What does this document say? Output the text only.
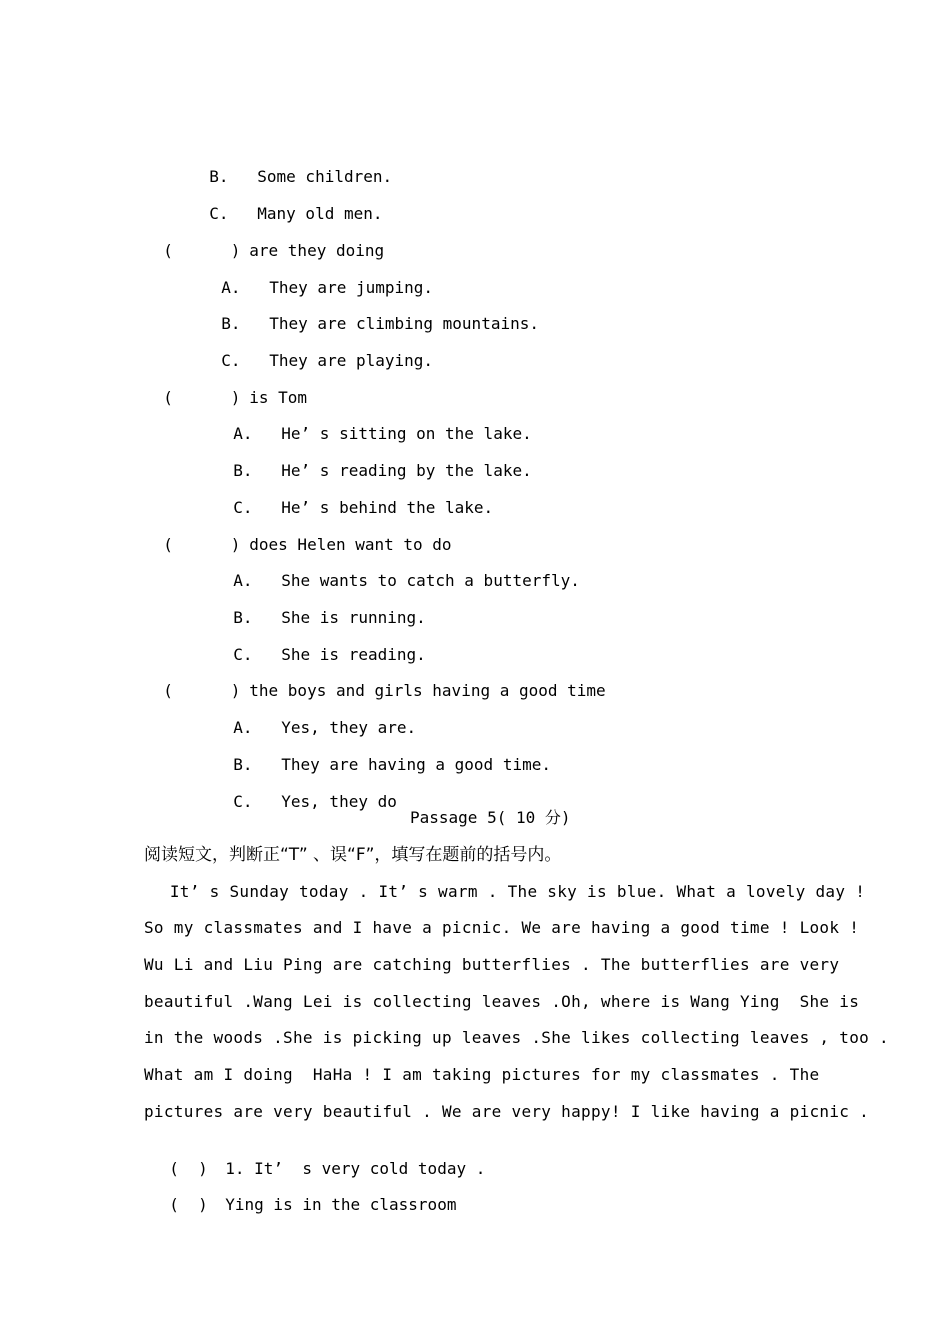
B. Some children.

C. Many old men.

(      ) are they doing

A. They are jumping.

B. They are climbing mountains.

C. They are playing.

(      ) is Tom

A. He’ s sitting on the lake.

B. He’ s reading by the lake.

C. He’ s behind the lake.

(      ) does Helen want to do

A. She wants to catch a butterfly.

B. She is running.

C. She is reading.

(      ) the boys and girls having a good time

A. Yes, they are.

B. They are having a good time.

C. Yes, they do

Passage 5( 10 分)
阅读短文，判断正“T” 、误“F”，填写在题前的括号内。
It’ s Sunday today . It’ s warm . The sky is blue. What a lovely day !
So my classmates and I have a picnic. We are having a good time ! Look !
Wu Li and Liu Ping are catching butterflies . The butterflies are very
beautiful .Wang Lei is collecting leaves .Oh, where is Wang Ying  She is
in the woods .She is picking up leaves .She likes collecting leaves , too .
What am I doing  HaHa ! I am taking pictures for my classmates . The
pictures are very beautiful . We are very happy! I like having a picnic .

(  ) 1. It’  s very cold today .

(  ) Ying is in the classroom
